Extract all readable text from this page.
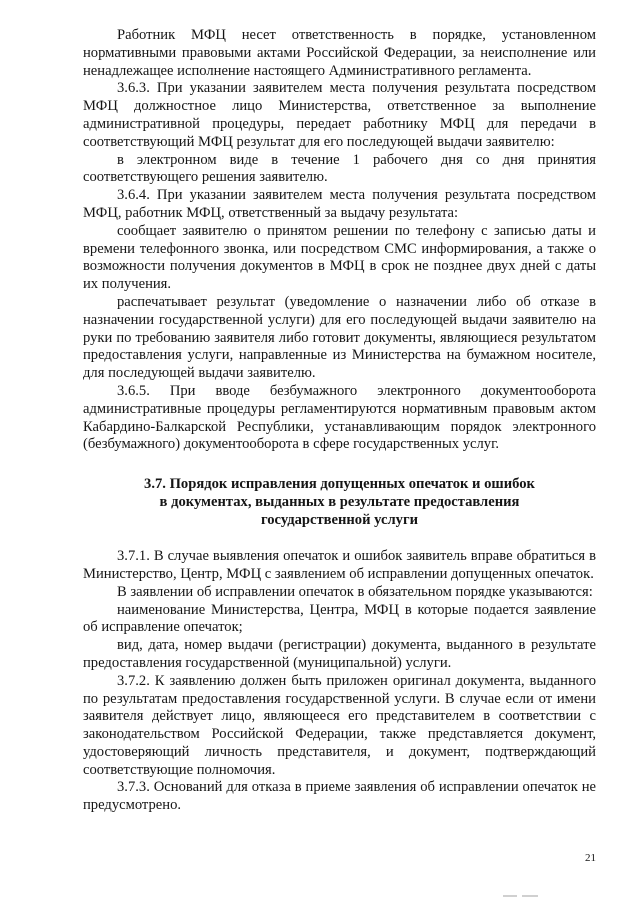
Работник МФЦ несет ответственность в порядке, установленном нормативными правовыми актами Российской Федерации, за неисполнение или ненадлежащее исполнение настоящего Административного регламента.

3.6.3. При указании заявителем места получения результата посредством МФЦ должностное лицо Министерства, ответственное за выполнение административной процедуры, передает работнику МФЦ для передачи в соответствующий МФЦ результат для его последующей выдачи заявителю:

в электронном виде в течение 1 рабочего дня со дня принятия соответствующего решения заявителю.

3.6.4. При указании заявителем места получения результата посредством МФЦ, работник МФЦ, ответственный за выдачу результата:

сообщает заявителю о принятом решении по телефону с записью даты и времени телефонного звонка, или посредством СМС информирования, а также о возможности получения документов в МФЦ в срок не позднее двух дней с даты их получения.

распечатывает результат (уведомление о назначении либо об отказе в назначении государственной услуги) для его последующей выдачи заявителю на руки по требованию заявителя либо готовит документы, являющиеся результатом предоставления услуги, направленные из Министерства на бумажном носителе, для последующей выдачи заявителю.

3.6.5. При вводе безбумажного электронного документооборота административные процедуры регламентируются нормативным правовым актом Кабардино-Балкарской Республики, устанавливающим порядок электронного (безбумажного) документооборота в сфере государственных услуг.

3.7. Порядок исправления допущенных опечаток и ошибок
в документах, выданных в результате предоставления
государственной услуги

3.7.1. В случае выявления опечаток и ошибок заявитель вправе обратиться в Министерство, Центр, МФЦ с заявлением об исправлении допущенных опечаток.

В заявлении об исправлении опечаток в обязательном порядке указываются:

наименование Министерства, Центра, МФЦ в которые подается заявление об исправление опечаток;

вид, дата, номер выдачи (регистрации) документа, выданного в результате предоставления государственной (муниципальной) услуги.

3.7.2. К заявлению должен быть приложен оригинал документа, выданного по результатам предоставления государственной услуги. В случае если от имени заявителя действует лицо, являющееся его представителем в соответствии с законодательством Российской Федерации, также представляется документ, удостоверяющий личность представителя, и документ, подтверждающий соответствующие полномочия.

3.7.3. Оснований для отказа в приеме заявления об исправлении опечаток не предусмотрено.

21
